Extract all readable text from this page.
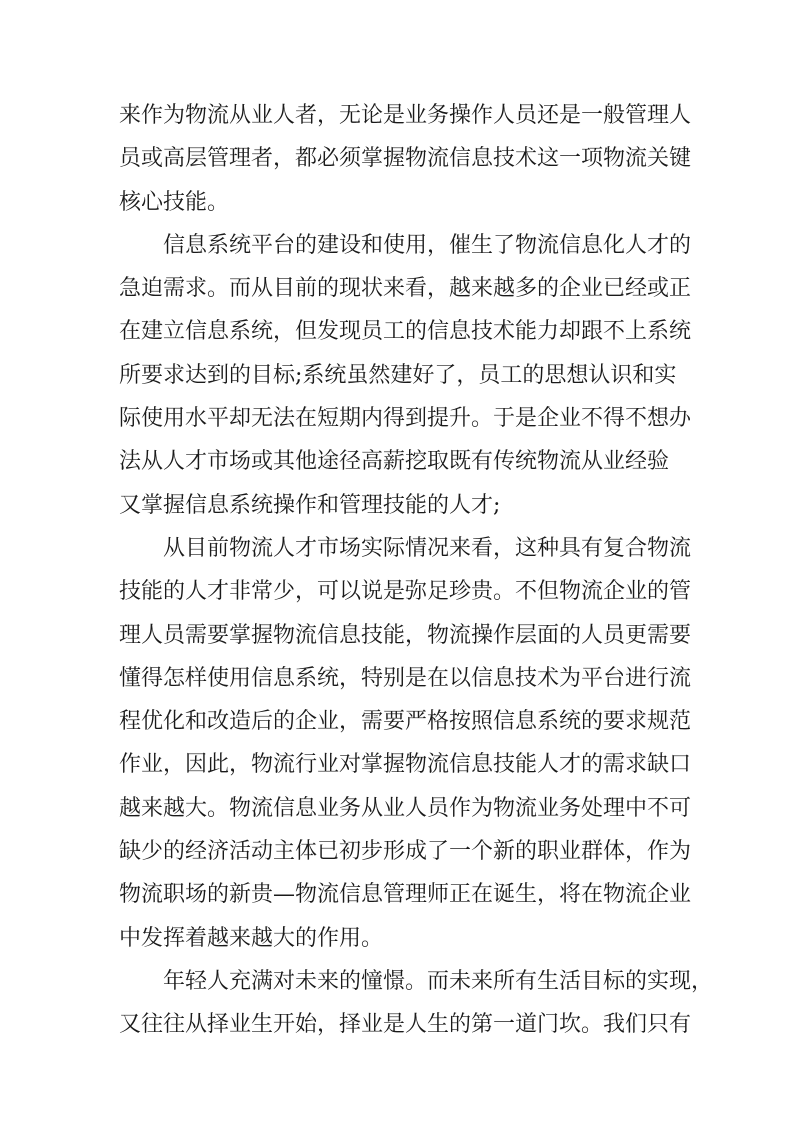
来作为物流从业人者，无论是业务操作人员还是一般管理人
员或高层管理者，都必须掌握物流信息技术这一项物流关键
核心技能。
　　信息系统平台的建设和使用，催生了物流信息化人才的
急迫需求。而从目前的现状来看，越来越多的企业已经或正
在建立信息系统，但发现员工的信息技术能力却跟不上系统
所要求达到的目标;系统虽然建好了，员工的思想认识和实
际使用水平却无法在短期内得到提升。于是企业不得不想办
法从人才市场或其他途径高薪挖取既有传统物流从业经验
又掌握信息系统操作和管理技能的人才;
　　从目前物流人才市场实际情况来看，这种具有复合物流
技能的人才非常少，可以说是弥足珍贵。不但物流企业的管
理人员需要掌握物流信息技能，物流操作层面的人员更需要
懂得怎样使用信息系统，特别是在以信息技术为平台进行流
程优化和改造后的企业，需要严格按照信息系统的要求规范
作业，因此，物流行业对掌握物流信息技能人才的需求缺口
越来越大。物流信息业务从业人员作为物流业务处理中不可
缺少的经济活动主体已初步形成了一个新的职业群体，作为
物流职场的新贵—物流信息管理师正在诞生，将在物流企业
中发挥着越来越大的作用。
　　年轻人充满对未来的憧憬。而未来所有生活目标的实现，
又往往从择业生开始，择业是人生的第一道门坎。我们只有
